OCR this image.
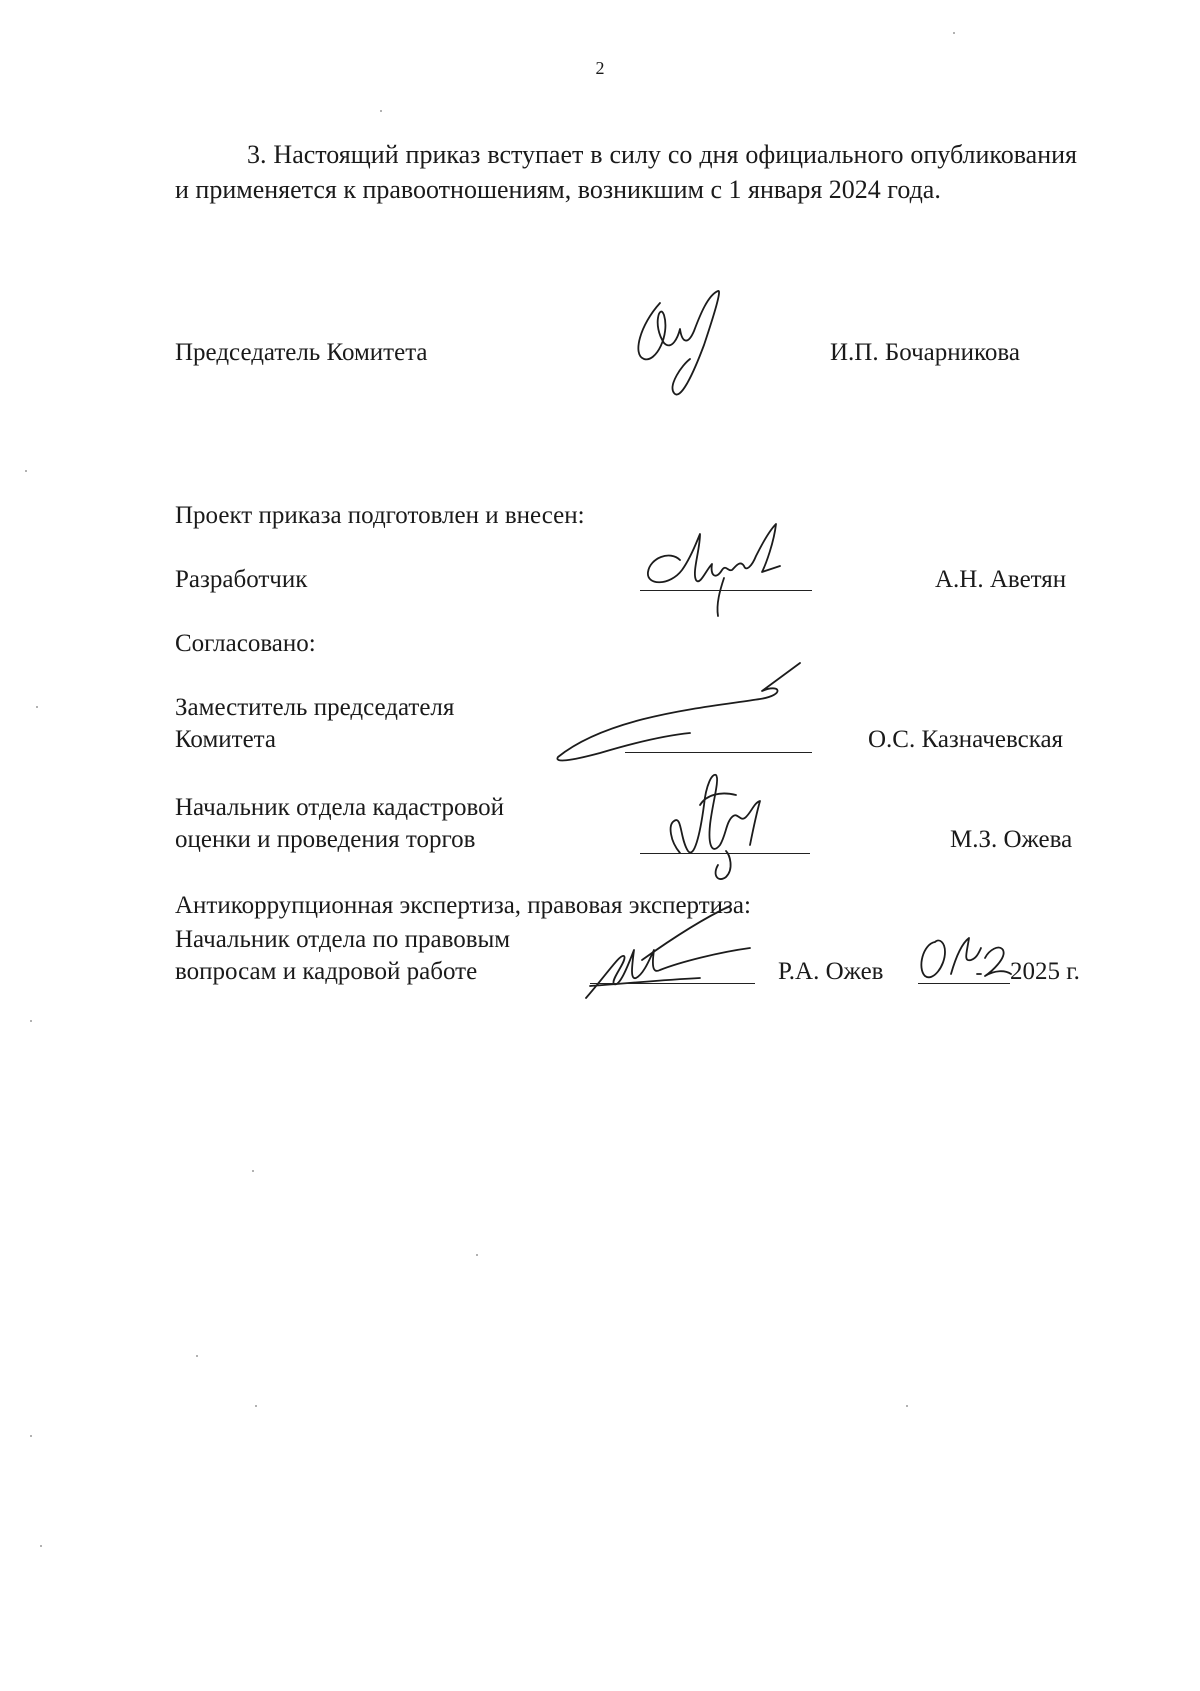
2
3. Настоящий приказ вступает в силу со дня официального опубликования и применяется к правоотношениям, возникшим с 1 января 2024 года.
Председатель Комитета	И.П. Бочарникова
Проект приказа подготовлен и внесен:
Разработчик	А.Н. Аветян
Согласовано:
Заместитель председателя
Комитета	О.С. Казначевская
Начальник отдела кадастровой
оценки и проведения торгов	М.З. Ожева
Антикоррупционная экспертиза, правовая экспертиза:
Начальник отдела по правовым
вопросам и кадровой работе	Р.А. Ожев	2025 г.
